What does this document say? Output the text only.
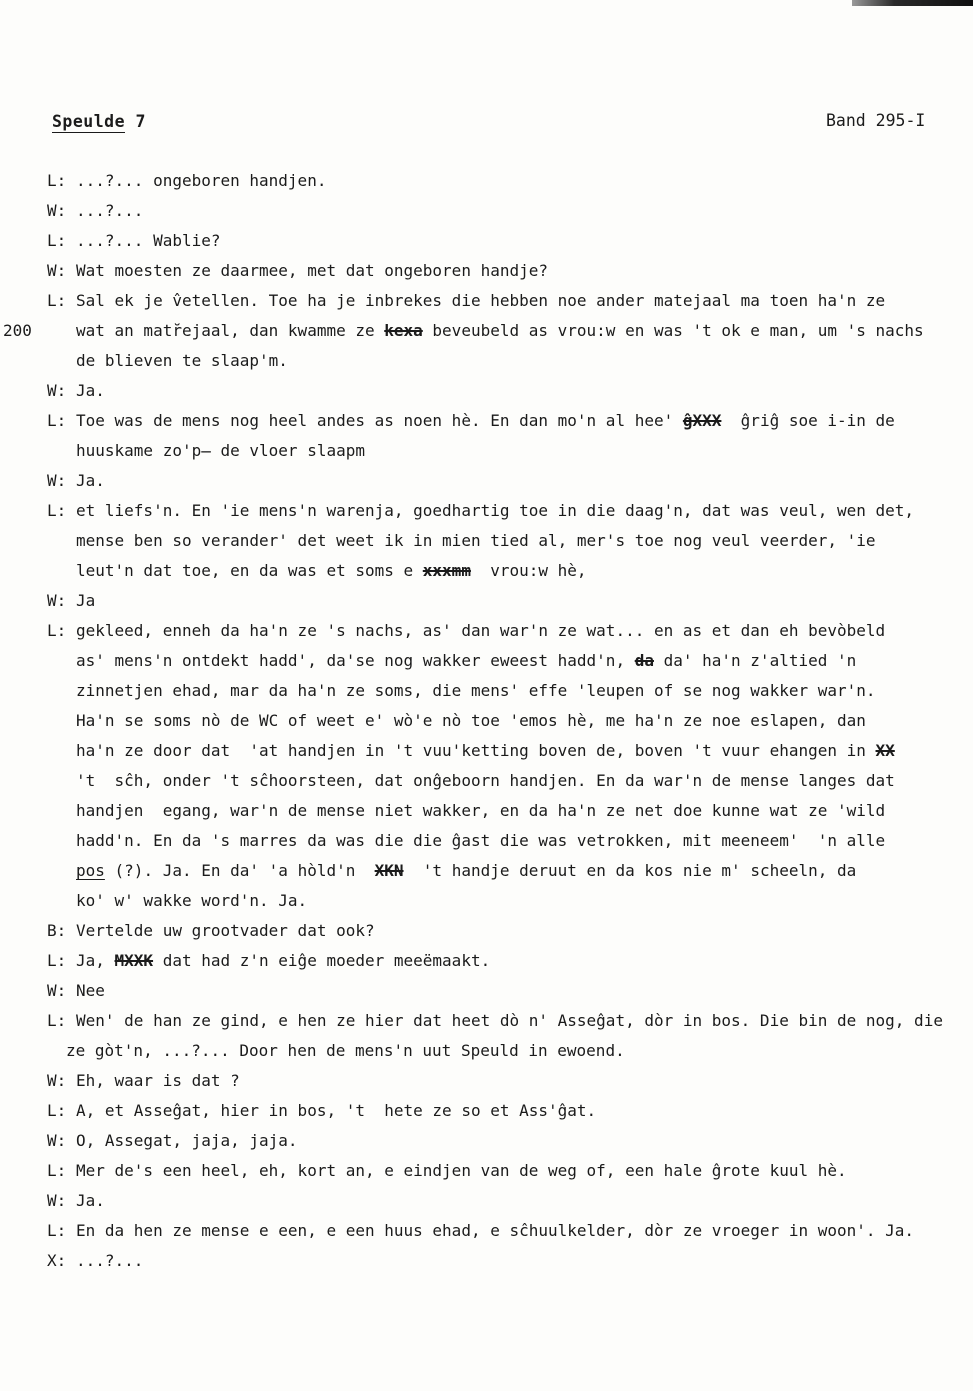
Speulde 7	Band 295-I
L: ...?... ongeboren handjen.
W: ...?...
L: ...?... Wablie?
W: Wat moesten ze daarmee, met dat ongeboren handje?
L: Sal ek je v̂etellen. Toe ha je inbrekes die hebben noe ander matejaal ma toen ha'n ze
200	wat an matr̆ejaal, dan kwamme ze kexa beveubeld as vrou:w en was 't ok e man, um 's nachs
de blieven te slaap'm.
W: Ja.
L: Toe was de mens nog heel andes as noen hè. En dan mo'n al hee' ĝXXX  ĝriĝ soe i-in de
huuskame zo'p̶ de vloer slaapm
W: Ja.
L: et liefs'n. En 'ie mens'n warenja, goedhartig toe in die daag'n, dat was veul, wen det,
mense ben so verander' det weet ik in mien tied al, mer's toe nog veul veerder, 'ie
leut'n dat toe, en da was et soms e xxxmm  vrou:w hè,
W: Ja
L: gekleed, enneh da ha'n ze 's nachs, as' dan war'n ze wat... en as et dan eh bevòbeld
as' mens'n ontdekt hadd', da'se nog wakker eweest hadd'n, da da' ha'n z'altied 'n
zinnetjen ehad, mar da ha'n ze soms, die mens' effe 'leupen of se nog wakker war'n.
Ha'n se soms nò de WC of weet e' wò'e nò toe 'emos hè, me ha'n ze noe eslapen, dan
ha'n ze door dat  'at handjen in 't vuu'ketting boven de, boven 't vuur ehangen in XX
't  sĉh, onder 't sĉhoorsteen, dat onĝeboorn handjen. En da war'n de mense langes dat
handjen  egang, war'n de mense niet wakker, en da ha'n ze net doe kunne wat ze 'wild
hadd'n. En da 's marres da was die die ĝast die was vetrokken, mit meeneem'  'n alle
pos (?). Ja. En da' 'a hòld'n  XKN  't handje deruut en da kos nie m' scheeln, da
ko' w' wakke word'n. Ja.
B: Vertelde uw grootvader dat ook?
L: Ja, MXXK dat had z'n eiĝe moeder meeëmaakt.
W: Nee
L: Wen' de han ze gind, e hen ze hier dat heet dò n' Asseĝat, dòr in bos. Die bin de nog, die
ze gòt'n, ...?... Door hen de mens'n uut Speuld in ewoend.
W: Eh, waar is dat ?
L: A, et Asseĝat, hier in bos, 't  hete ze so et Ass'ĝat.
W: O, Assegat, jaja, jaja.
L: Mer de's een heel, eh, kort an, e eindjen van de weg of, een hale ĝrote kuul hè.
W: Ja.
L: En da hen ze mense e een, e een huus ehad, e sĉhuulkelder, dòr ze vroeger in woon'. Ja.
X: ...?...
